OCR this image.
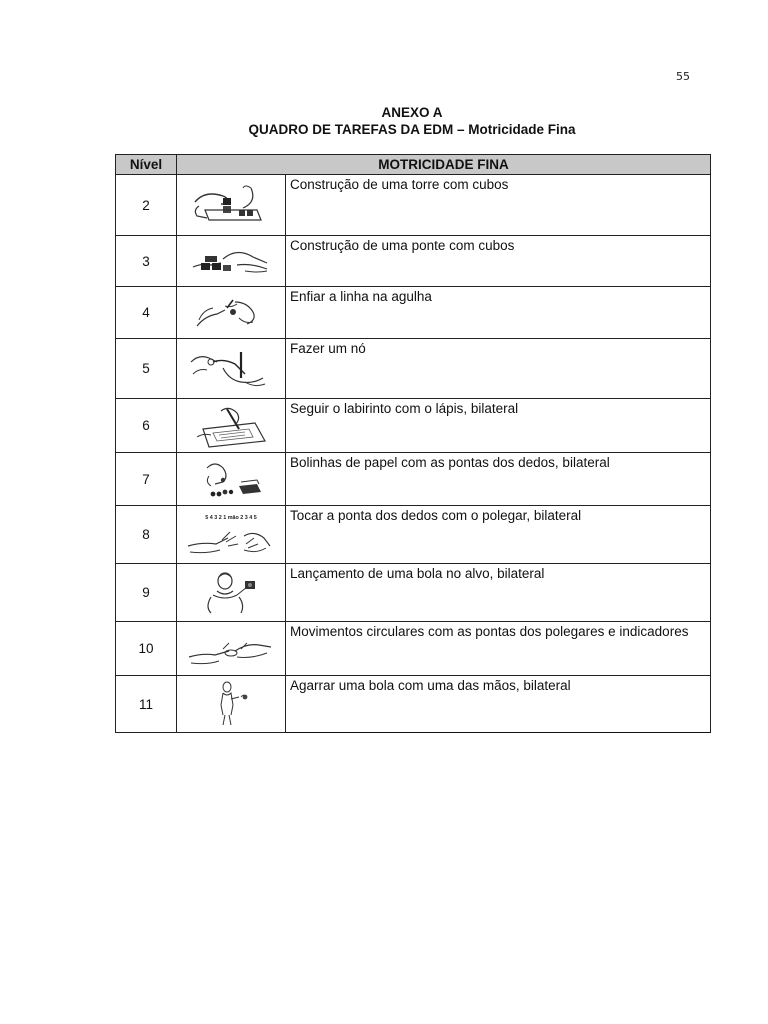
55
ANEXO A
QUADRO DE TAREFAS DA EDM – Motricidade Fina
Nível	MOTRICIDADE FINA	
2		Construção de uma torre com cubos
3		Construção de uma ponte com cubos
4		Enfiar a linha na agulha
5		Fazer um nó
6		Seguir o labirinto com o lápis, bilateral
7		Bolinhas de papel com as pontas dos dedos, bilateral
8	5 4 3 2 1 mão 2 3 4 5	Tocar a ponta dos dedos com o polegar, bilateral
9		Lançamento de uma bola no alvo, bilateral
10		Movimentos circulares com as pontas dos polegares e indicadores
11		Agarrar uma bola com uma das mãos, bilateral
